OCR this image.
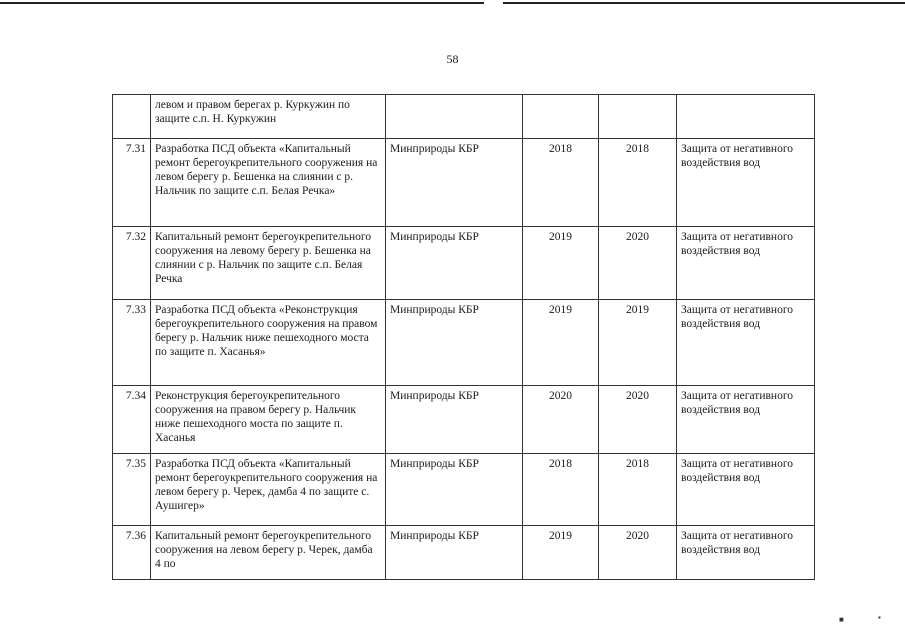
58
	левом и правом берегах р. Куркужин по защите с.п. Н. Куркужин				
7.31	Разработка ПСД объекта «Капитальный ремонт берегоукрепительного сооружения на левом берегу р. Бешенка на слиянии с р. Нальчик по защите с.п. Белая Речка»	Минприроды КБР	2018	2018	Защита от негативного воздействия вод
7.32	Капитальный ремонт берегоукрепительного сооружения на левому берегу р. Бешенка на слиянии с р. Нальчик по защите с.п. Белая Речка	Минприроды КБР	2019	2020	Защита от негативного воздействия вод
7.33	Разработка ПСД объекта «Реконструкция берегоукрепительного сооружения на правом берегу р. Нальчик ниже пешеходного моста по защите п. Хасанья»	Минприроды КБР	2019	2019	Защита от негативного воздействия вод
7.34	Реконструкция берегоукрепительного сооружения на правом берегу р. Нальчик ниже пешеходного моста по защите п. Хасанья	Минприроды КБР	2020	2020	Защита от негативного воздействия вод
7.35	Разработка ПСД объекта «Капитальный ремонт берегоукрепительного сооружения на левом берегу р. Черек, дамба 4 по защите с. Аушигер»	Минприроды КБР	2018	2018	Защита от негативного воздействия вод
7.36	Капитальный ремонт берегоукрепительного сооружения на левом берегу р. Черек, дамба 4 по	Минприроды КБР	2019	2020	Защита от негативного воздействия вод
■	▪
